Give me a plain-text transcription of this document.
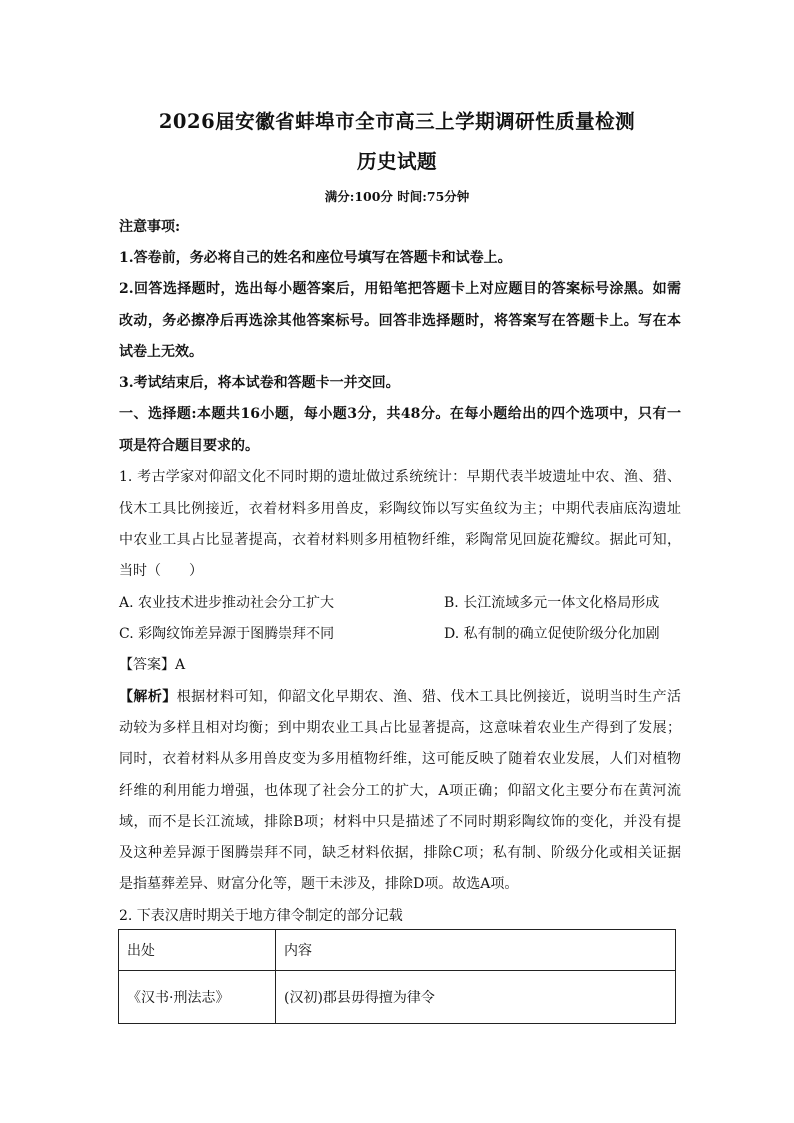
2026届安徽省蚌埠市全市高三上学期调研性质量检测
历史试题
满分:100分 时间:75分钟
注意事项:
1.答卷前，务必将自己的姓名和座位号填写在答题卡和试卷上。
2.回答选择题时，选出每小题答案后，用铅笔把答题卡上对应题目的答案标号涂黑。如需
改动，务必擦净后再选涂其他答案标号。回答非选择题时，将答案写在答题卡上。写在本
试卷上无效。
3.考试结束后，将本试卷和答题卡一并交回。
一、选择题:本题共16小题，每小题3分，共48分。在每小题给出的四个选项中，只有一
项是符合题目要求的。
1. 考古学家对仰韶文化不同时期的遗址做过系统统计：早期代表半坡遗址中农、渔、猎、
伐木工具比例接近，衣着材料多用兽皮，彩陶纹饰以写实鱼纹为主；中期代表庙底沟遗址
中农业工具占比显著提高，衣着材料则多用植物纤维，彩陶常见回旋花瓣纹。据此可知，
当时（　　）
A. 农业技术进步推动社会分工扩大	B. 长江流域多元一体文化格局形成
C. 彩陶纹饰差异源于图腾崇拜不同	D. 私有制的确立促使阶级分化加剧
【答案】A
【解析】根据材料可知，仰韶文化早期农、渔、猎、伐木工具比例接近，说明当时生产活
动较为多样且相对均衡；到中期农业工具占比显著提高，这意味着农业生产得到了发展；
同时，衣着材料从多用兽皮变为多用植物纤维，这可能反映了随着农业发展，人们对植物
纤维的利用能力增强，也体现了社会分工的扩大，A项正确；仰韶文化主要分布在黄河流
域，而不是长江流域，排除B项；材料中只是描述了不同时期彩陶纹饰的变化，并没有提
及这种差异源于图腾崇拜不同，缺乏材料依据，排除C项；私有制、阶级分化或相关证据
是指墓葬差异、财富分化等，题干未涉及，排除D项。故选A项。
2. 下表汉唐时期关于地方律令制定的部分记载
出处	内容
《汉书·刑法志》	(汉初)郡县毋得擅为律令
